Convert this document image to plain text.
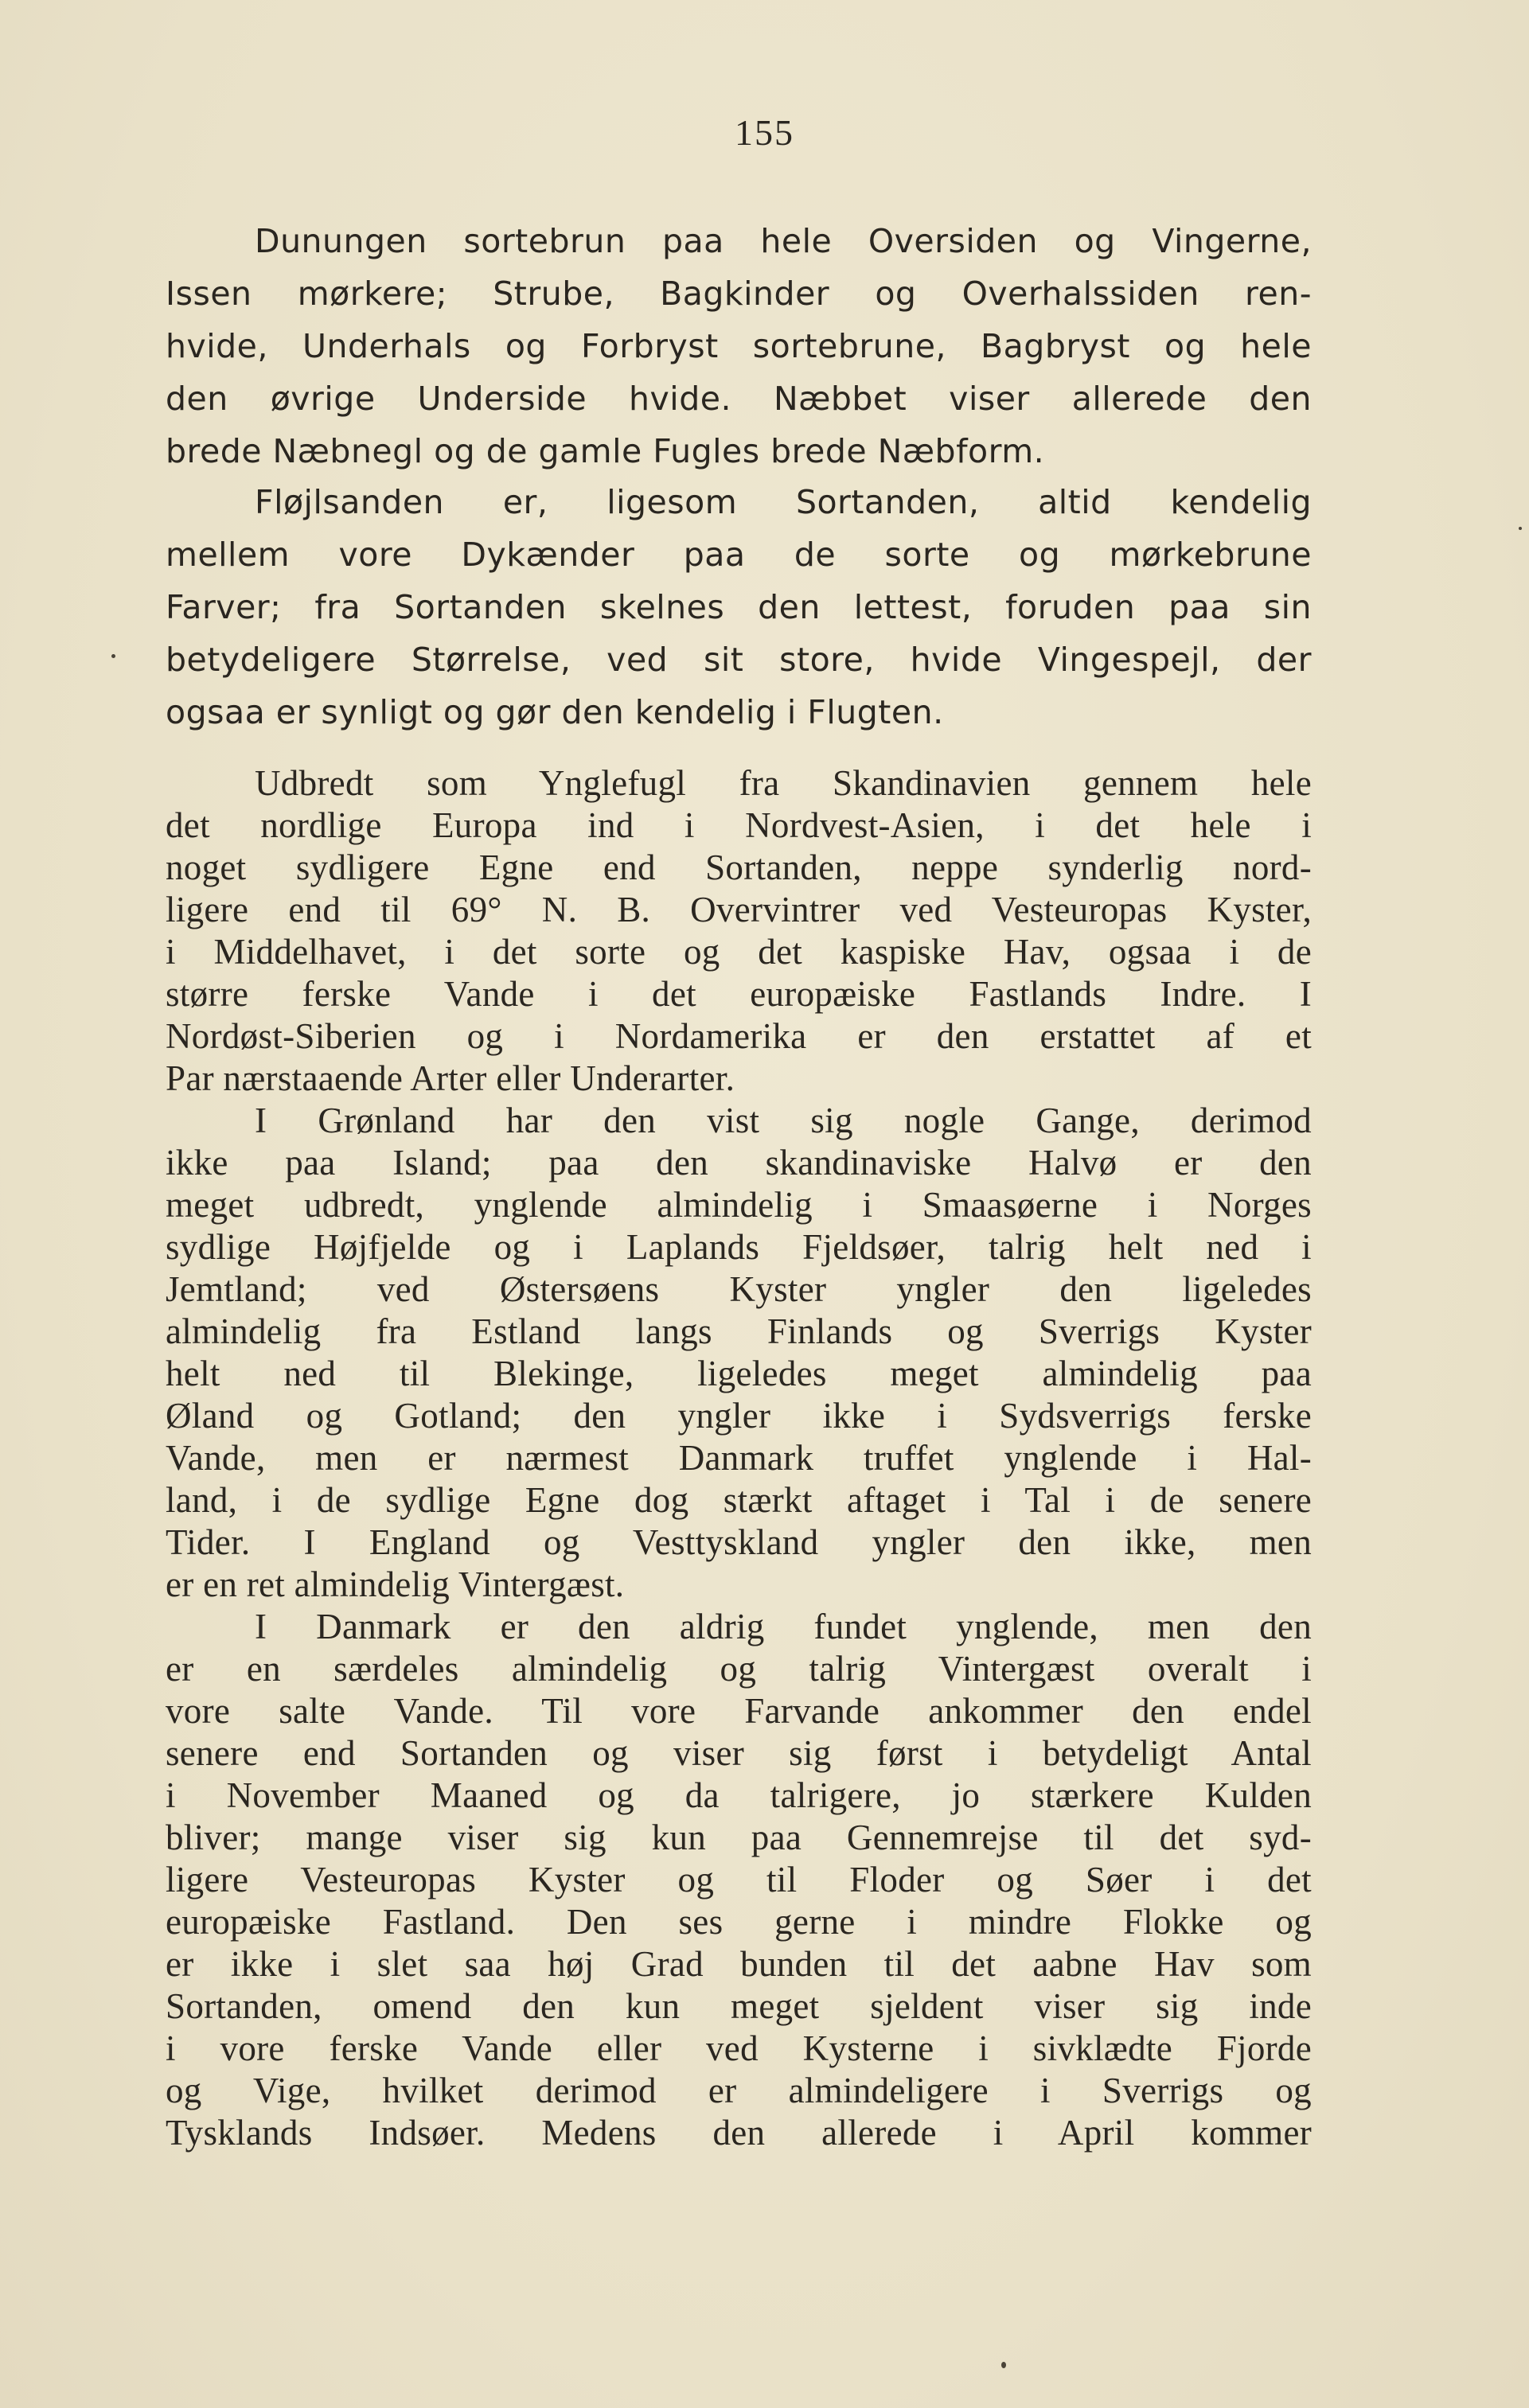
155
Dunungen sortebrun paa hele Oversiden og Vingerne,
Issen mørkere; Strube, Bagkinder og Overhalssiden ren-
hvide, Underhals og Forbryst sortebrune, Bagbryst og hele
den øvrige Underside hvide. Næbbet viser allerede den
brede Næbnegl og de gamle Fugles brede Næbform.
Fløjlsanden er, ligesom Sortanden, altid kendelig
mellem vore Dykænder paa de sorte og mørkebrune
Farver; fra Sortanden skelnes den lettest, foruden paa sin
betydeligere Størrelse, ved sit store, hvide Vingespejl, der
ogsaa er synligt og gør den kendelig i Flugten.
Udbredt som Ynglefugl fra Skandinavien gennem hele
det nordlige Europa ind i Nordvest-Asien, i det hele i
noget sydligere Egne end Sortanden, neppe synderlig nord-
ligere end til 69° N. B. Overvintrer ved Vesteuropas Kyster,
i Middelhavet, i det sorte og det kaspiske Hav, ogsaa i de
større ferske Vande i det europæiske Fastlands Indre. I
Nordøst-Siberien og i Nordamerika er den erstattet af et
Par nærstaaende Arter eller Underarter.
I Grønland har den vist sig nogle Gange, derimod
ikke paa Island; paa den skandinaviske Halvø er den
meget udbredt, ynglende almindelig i Smaasøerne i Norges
sydlige Højfjelde og i Laplands Fjeldsøer, talrig helt ned i
Jemtland; ved Østersøens Kyster yngler den ligeledes
almindelig fra Estland langs Finlands og Sverrigs Kyster
helt ned til Blekinge, ligeledes meget almindelig paa
Øland og Gotland; den yngler ikke i Sydsverrigs ferske
Vande, men er nærmest Danmark truffet ynglende i Hal-
land, i de sydlige Egne dog stærkt aftaget i Tal i de senere
Tider. I England og Vesttyskland yngler den ikke, men
er en ret almindelig Vintergæst.
I Danmark er den aldrig fundet ynglende, men den
er en særdeles almindelig og talrig Vintergæst overalt i
vore salte Vande. Til vore Farvande ankommer den endel
senere end Sortanden og viser sig først i betydeligt Antal
i November Maaned og da talrigere, jo stærkere Kulden
bliver; mange viser sig kun paa Gennemrejse til det syd-
ligere Vesteuropas Kyster og til Floder og Søer i det
europæiske Fastland. Den ses gerne i mindre Flokke og
er ikke i slet saa høj Grad bunden til det aabne Hav som
Sortanden, omend den kun meget sjeldent viser sig inde
i vore ferske Vande eller ved Kysterne i sivklædte Fjorde
og Vige, hvilket derimod er almindeligere i Sverrigs og
Tysklands Indsøer. Medens den allerede i April kommer
